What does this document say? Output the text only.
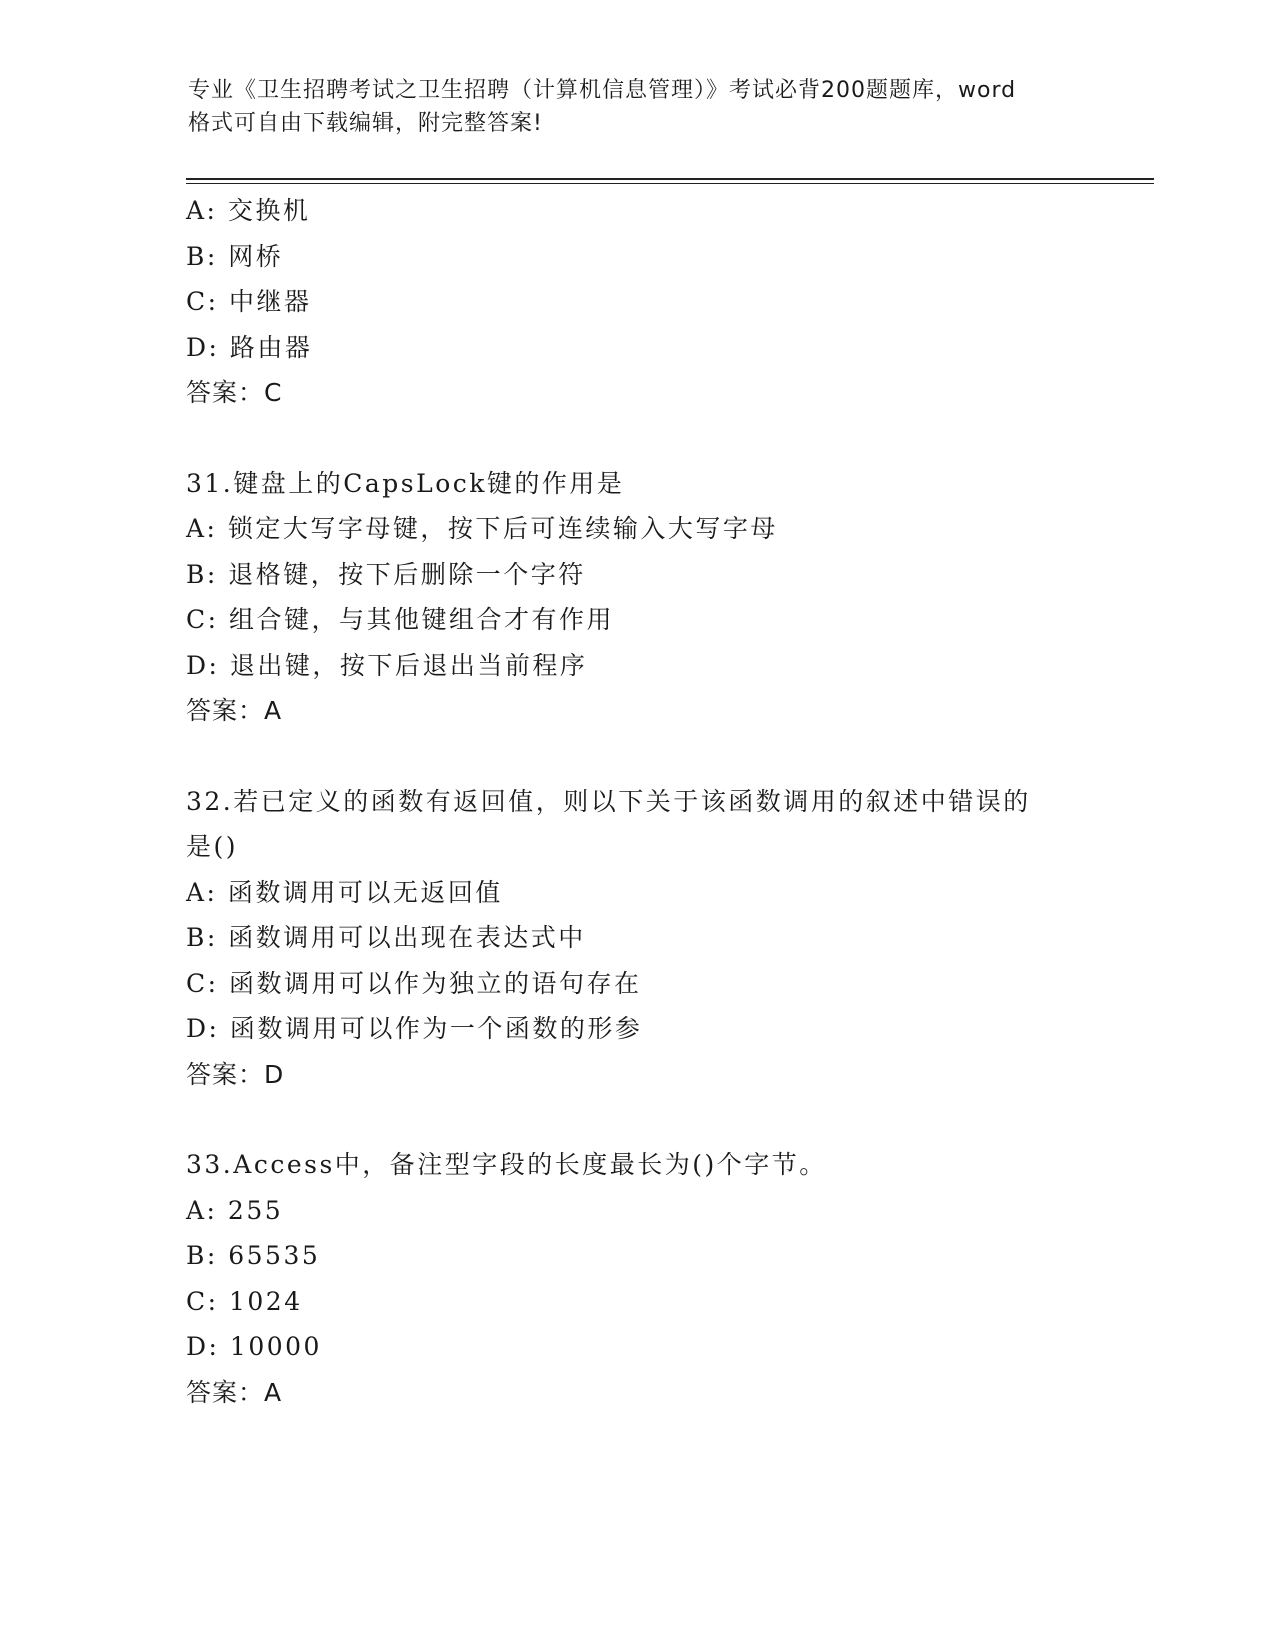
专业《卫生招聘考试之卫生招聘（计算机信息管理）》考试必背200题题库，word
格式可自由下载编辑，附完整答案!
A: 交换机
B: 网桥
C: 中继器
D: 路由器
答案：C
31.键盘上的CapsLock键的作用是
A: 锁定大写字母键，按下后可连续输入大写字母
B: 退格键，按下后删除一个字符
C: 组合键，与其他键组合才有作用
D: 退出键，按下后退出当前程序
答案：A
32.若已定义的函数有返回值，则以下关于该函数调用的叙述中错误的
是()
A: 函数调用可以无返回值
B: 函数调用可以出现在表达式中
C: 函数调用可以作为独立的语句存在
D: 函数调用可以作为一个函数的形参
答案：D
33.Access中，备注型字段的长度最长为()个字节。
A: 255
B: 65535
C: 1024
D: 10000
答案：A
